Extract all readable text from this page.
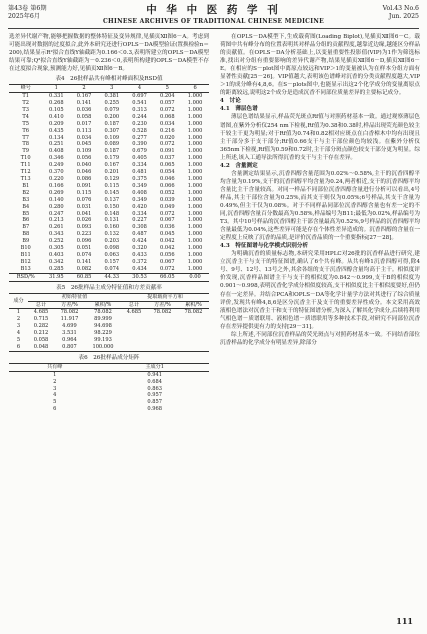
第43卷 第6期
2025年6月
中 华 中 医 药 学 刊
CHINESE ARCHIVES OF TRADITIONAL CHINESE MEDICINE
Vol.43 No.6
Jun. 2025

选差异代谢产物,能够把握数据的整体特征及变异规律,见插页Ⅻ图6－A。考虑到可能出现对数据的过度拟合,此外本研究还进行OPLS－DA模型验证(置换检验n＝200),结果显示R²拟合直线Y轴截距为0.166＜0.3,表明所建立的OPLS－DA模型结果可靠;Q²拟合直线Y轴截距为－0.236＜0,表明所构建的OPLS－DA模型不存在过度拟合现象,预测能力好,见插页Ⅻ图6－B。

表4　26批样品共有峰相对峰面积及RSD值
峰号	1	2	3	4	5	6
T1	0.331	0.167	0.381	0.697	0.204	1.000
T2	0.268	0.141	0.255	0.541	0.057	1.000
T3	0.105	0.036	0.079	0.313	0.072	1.000
T4	0.410	0.058	0.200	0.244	0.068	1.000
T5	0.209	0.017	0.187	0.230	0.034	1.000
T6	0.435	0.113	0.307	0.528	0.216	1.000
T7	0.134	0.034	0.109	0.277	0.020	1.000
T8	0.251	0.045	0.089	0.390	0.072	1.000
T9	0.408	0.109	0.187	0.679	0.091	1.000
T10	0.346	0.056	0.179	0.405	0.037	1.000
T11	0.249	0.040	0.167	0.334	0.065	1.000
T12	0.370	0.046	0.201	0.481	0.054	1.000
T13	0.220	0.086	0.129	0.375	0.046	1.000
B1	0.166	0.091	0.115	0.349	0.066	1.000
B2	0.269	0.115	0.145	0.408	0.052	1.000
B3	0.140	0.076	0.137	0.349	0.039	1.000
B4	0.280	0.031	0.150	0.420	0.049	1.000
B5	0.247	0.041	0.148	0.334	0.072	1.000
B6	0.213	0.026	0.131	0.227	0.067	1.000
B7	0.261	0.093	0.160	0.308	0.036	1.000
B8	0.343	0.223	0.132	0.487	0.045	1.000
B9	0.252	0.096	0.203	0.424	0.042	1.000
B10	0.305	0.051	0.098	0.320	0.042	1.000
B11	0.403	0.074	0.063	0.433	0.056	1.000
B12	0.342	0.141	0.157	0.372	0.067	1.000
B13	0.285	0.082	0.074	0.434	0.072	1.000
RSD/%	31.95	60.85	44.33	30.53	66.05	0.00
表5　26批样品主成分特征值和方差贡献率
成分	初始特征值			提取载荷平方和		
	总计	方差/%	累积/%	总计	方差/%	累积/%
1	4.685	78.082	78.082	4.685	78.082	78.082
2	0.715	11.917	89.999			
3	0.282	4.699	94.698			
4	0.212	3.531	98.229			
5	0.058	0.964	99.193			
6	0.048	0.807	100.000			
表6　26批样品成分矩阵
共有峰	主成分1
1	0.941
2	0.684
3	0.863
4	0.957
5	0.857
6	0.968

在OPLS－DA模型下,生成载荷图(Loading Biplot),见插页Ⅻ图6－C。载荷图中共有峰分布的位置表明其对样品分组的贡献程度,越靠近边缘,越能区分样品的贡献值。在OPLS－DA分析基础上,以变量重要性投影值(VIP)为1作为筛选标准,找出对分组有重要影响的差异代谢产物,结果见插页Ⅻ图6－D,插页Ⅻ图6－E。在相应的S－plot图中离原点较远和VIP＞1的变量被认为在样本分组方面有显著性贡献[25－26]。VIP值越大,表明该色谱峰对沉香的分类贡献程度越大,VIP＞1的成分峰有4,8,6。在S－plots图中,也能显示出这2个化学成分的变量离原点的距离较远,说明这2个成分是造成沉香不同部位质量差异的主要标记成分。

4　讨论

4.1　薄层色谱

薄层色谱结果显示,样品荧光斑点Rf值与对照药材基本一致。通过观察薄层色谱图,在紫外分析仪254 nm下检视,Rf值为0.38和0.38时,样品出现荧光颜色较主干较主干更为明显;对于Rf值为0.74和0.82相对应斑点在白香樟木中均有出现且主干部分多于支干部分;Rf值0.66支干与主干部位颜色均较浅。在紫外分析仪365nm下检视,Rf值为0.59和0.72时,主干部分斑点颜色较支干部分更为明显。综上所述,该入工通导法所得沉香的支干与主干存在差异。

4.2　含量测定

含量测定结果显示,沉香四醇含量范围为0.02%～0.58%,主干的沉香四醇平均含量为0.19%,支干的沉香四醇平均含量为0.24,两者相近,支干的沉香四醇平均含量比主干含量较高。对同一样品不同部位沉香四醇含量进行分析可以看出,4号样品,其主干部位含量为0.25%,而其支干则仅为0.05%;6号样品,其支干含量为0.49%,但主干仅为0.08%。对于不同样品同部位沉香四醇含量也有差一定的不同,沉香四醇含量百分数最高为0.58%,样品编号为B11;最低为0.02%,样品编号为T3。其中10号样品的沉香四醇主干部含量最高为0.52%,9号样品的沉香四醇平均含量最低为0.04%,这些差异可能是存在个体性差异造成的。沉香四醇的含量在一定程度上反映了沉香的品质,是评价沉香品质的一个重要指标[27－28]。

4.3　特征图谱与化学模式识别分析

为明确沉香的质量标志物,本研究采用HPLC对26批的沉香样品进行研究,建立沉香主干与支干的特征图谱,确认了6个共有峰。从共有峰1沉香四醇可得,除4号、9号、12号、13号之外,其余各组的支干沉香四醇含量均高于主干。相似度评价发现,沉香样品图谱主干与支干的相似度为0.842～0.999,支干B的相似度为0.901～0.998,表明沉香化学成分相似度较高,支干相似度比主干相似度要好,但仍存在一定差异。并结合PCA和OPLS－DA等化学计量学方法对其进行了综合质量评价,发现共有峰4,8,6是区分沉香主干及支干的重要差异性成分。本文采用高效液相色谱法对沉香主干和支干的特征图谱分析,为深入了解其化学成分,后续将利用气相色谱－质谱联用、液相色谱－质谱联用等多种技术手段,对研究不同部位沉香存在差异提供更有力的支持[29－31]。

综上所述,不同部位沉香样品的荧光斑点与对照药材基本一致。不同结香部位沉香样品的化学成分有明显差异,除部分

111
